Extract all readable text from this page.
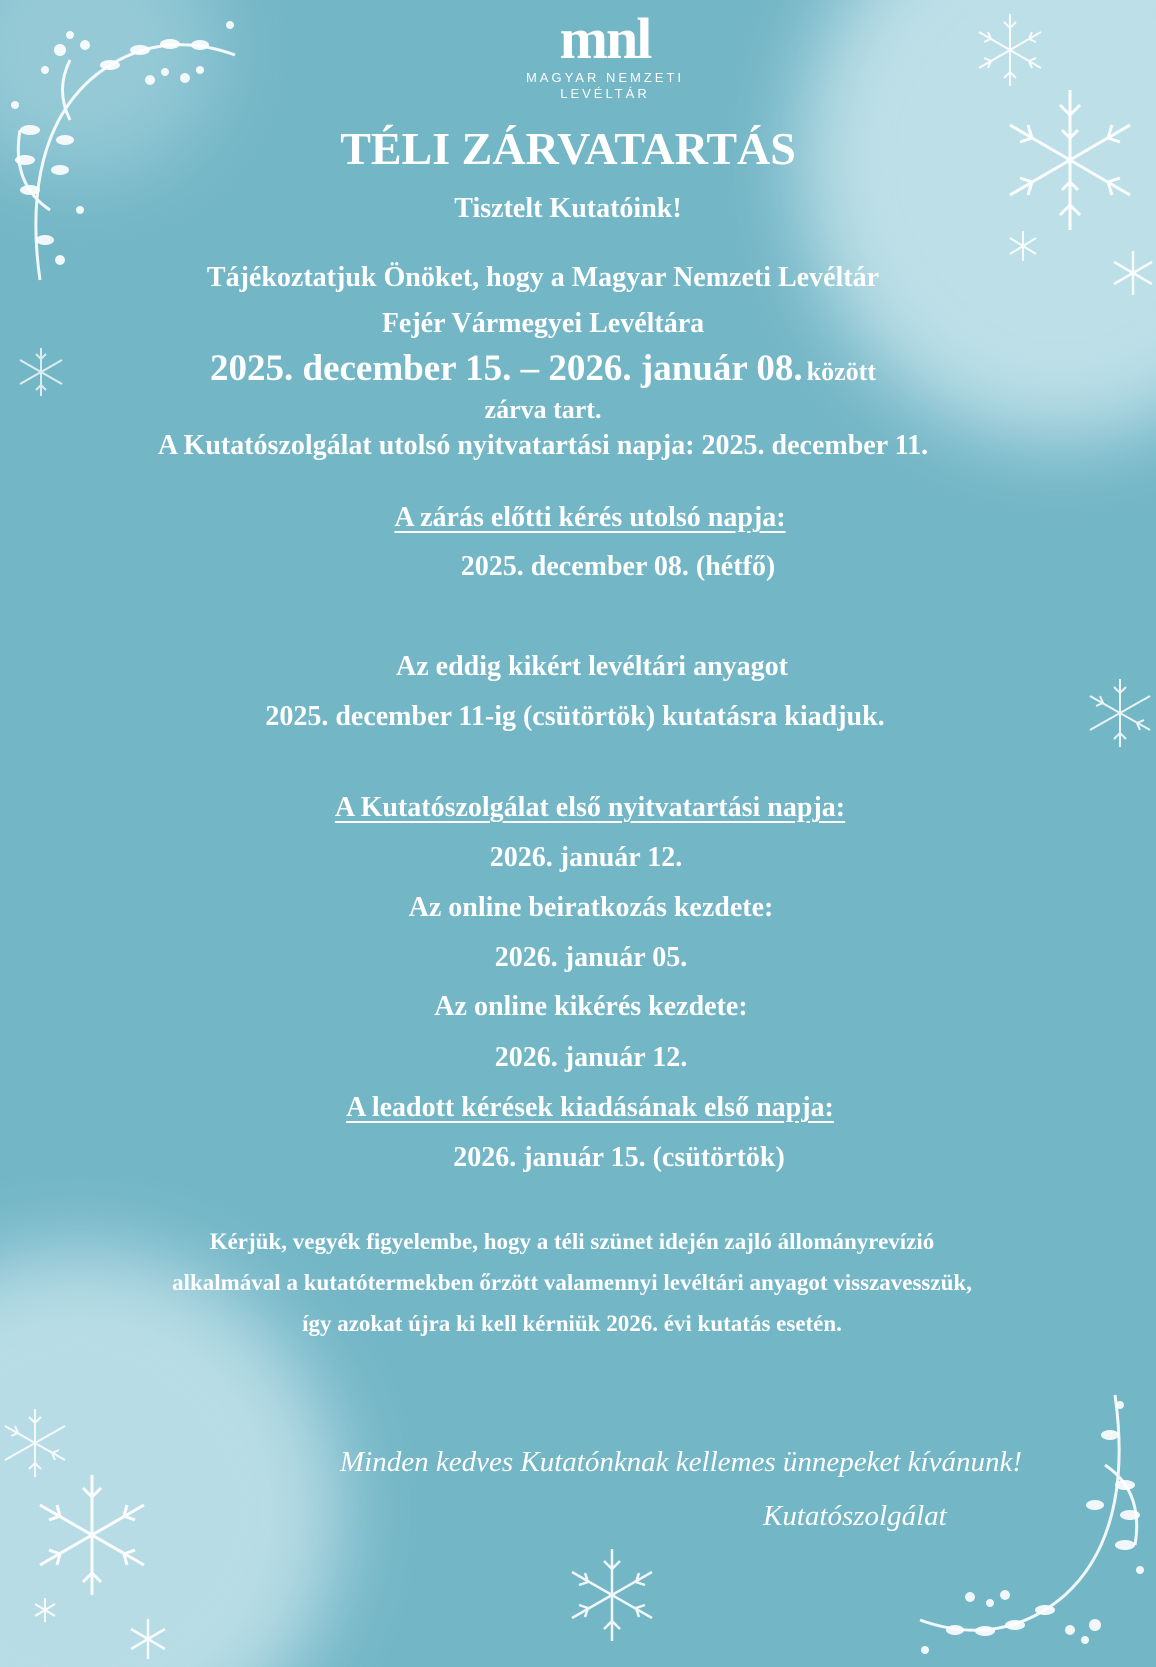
mnl
MAGYAR NEMZETI
LEVÉLTÁR
TÉLI ZÁRVATARTÁS
Tisztelt Kutatóink!
Tájékoztatjuk Önöket, hogy a Magyar Nemzeti Levéltár
Fejér Vármegyei Levéltára
2025. december 15. – 2026. január 08. között
zárva tart.
A Kutatószolgálat utolsó nyitvatartási napja: 2025. december 11.
A zárás előtti kérés utolsó napja:
2025. december 08. (hétfő)
Az eddig kikért levéltári anyagot
2025. december 11-ig (csütörtök) kutatásra kiadjuk.
A Kutatószolgálat első nyitvatartási napja:
2026. január 12.
Az online beiratkozás kezdete:
2026. január 05.
Az online kikérés kezdete:
2026. január 12.
A leadott kérések kiadásának első napja:
2026. január 15. (csütörtök)
Kérjük, vegyék figyelembe, hogy a téli szünet idején zajló állományrevízió
alkalmával a kutatótermekben őrzött valamennyi levéltári anyagot visszavesszük,
így azokat újra ki kell kérniük 2026. évi kutatás esetén.
Minden kedves Kutatónknak kellemes ünnepeket kívánunk!
Kutatószolgálat
